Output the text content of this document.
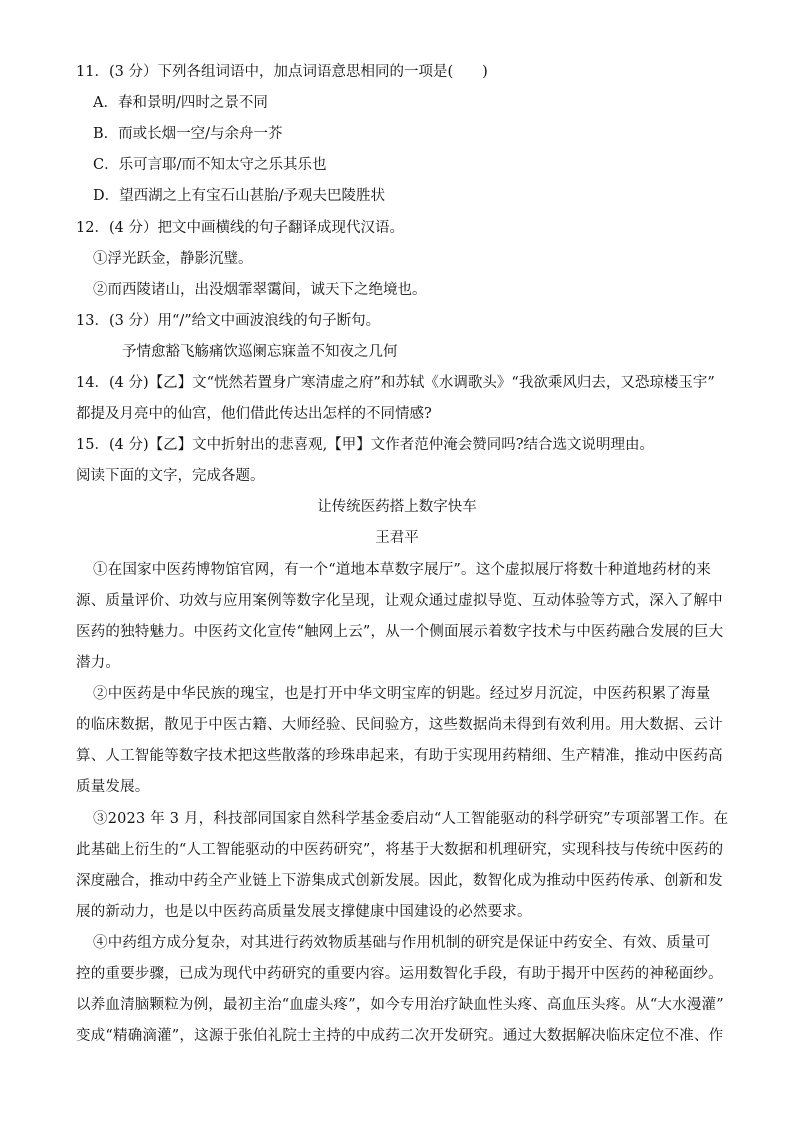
11．(3 分）下列各组词语中，加点词语意思相同的一项是(　　)
A．春和景明/四时之景不同
B．而或长烟一空/与余舟一芥
C．乐可言耶/而不知太守之乐其乐也
D．望西湖之上有宝石山甚胎/予观夫巴陵胜状
12．(4 分）把文中画横线的句子翻译成现代汉语。
①浮光跃金，静影沉璧。
②而西陵诸山，出没烟霏翠霭间，诚天下之绝境也。
13．(3 分）用“/”给文中画波浪线的句子断句。
予情愈豁飞觞痛饮巡阑忘寐盖不知夜之几何
14．(4 分)【乙】文“恍然若置身广寒清虚之府”和苏轼《水调歌头》“我欲乘风归去，又恐琼楼玉宇”
都提及月亮中的仙宫，他们借此传达出怎样的不同情感?
15．(4 分)【乙】文中折射出的悲喜观,【甲】文作者范仲淹会赞同吗?结合选文说明理由。
阅读下面的文字，完成各题。
让传统医药搭上数字快车
王君平
①在国家中医药博物馆官网，有一个“道地本草数字展厅”。这个虚拟展厅将数十种道地药材的来
源、质量评价、功效与应用案例等数字化呈现，让观众通过虚拟导览、互动体验等方式，深入了解中
医药的独特魅力。中医药文化宣传“触网上云”，从一个侧面展示着数字技术与中医药融合发展的巨大
潜力。
②中医药是中华民族的瑰宝，也是打开中华文明宝库的钥匙。经过岁月沉淀，中医药积累了海量
的临床数据，散见于中医古籍、大师经验、民间验方，这些数据尚未得到有效利用。用大数据、云计
算、人工智能等数字技术把这些散落的珍珠串起来，有助于实现用药精细、生产精准，推动中医药高
质量发展。
③2023 年 3 月，科技部同国家自然科学基金委启动“人工智能驱动的科学研究”专项部署工作。在
此基础上衍生的“人工智能驱动的中医药研究”，将基于大数据和机理研究，实现科技与传统中医药的
深度融合，推动中药全产业链上下游集成式创新发展。因此，数智化成为推动中医药传承、创新和发
展的新动力，也是以中医药高质量发展支撑健康中国建设的必然要求。
④中药组方成分复杂，对其进行药效物质基础与作用机制的研究是保证中药安全、有效、质量可
控的重要步骤，已成为现代中药研究的重要内容。运用数智化手段，有助于揭开中医药的神秘面纱。
以养血清脑颗粒为例，最初主治“血虚头疼”，如今专用治疗缺血性头疼、高血压头疼。从“大水漫灌”
变成“精确滴灌”，这源于张伯礼院士主持的中成药二次开发研究。通过大数据解决临床定位不准、作
